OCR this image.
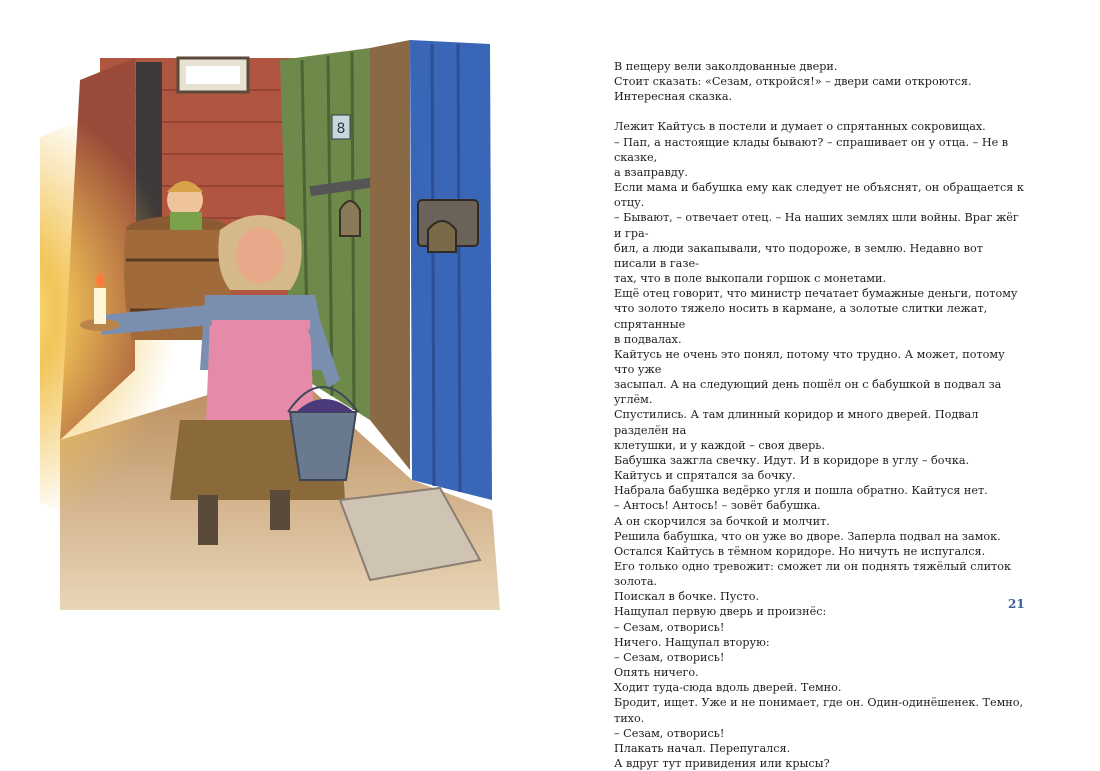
8

В пещеру вели заколдованные двери.

Стоит сказать: «Сезам, откройся!» – двери сами откроются.

Интересная сказка.

Лежит Кайтусь в постели и думает о спрятанных сокровищах.

– Пап, а настоящие клады бывают? – спрашивает он у отца. – Не в сказке,

а взаправду.

Если мама и бабушка ему как следует не объяснят, он обращается к отцу.

– Бывают, – отвечает отец. – На наших землях шли войны. Враг жёг и гра-

бил, а люди закапывали, что подороже, в землю. Недавно вот писали в газе-

тах, что в поле выкопали горшок с монетами.

Ещё отец говорит, что министр печатает бумажные деньги, потому

что золото тяжело носить в кармане, а золотые слитки лежат, спрятанные

в подвалах.

Кайтусь не очень это понял, потому что трудно. А может, потому что уже

засыпал. А на следующий день пошёл он с бабушкой в подвал за углём.

Спустились. А там длинный коридор и много дверей. Подвал разделён на

клетушки, и у каждой – своя дверь.

Бабушка зажгла свечку. Идут. И в коридоре в углу – бочка.

Кайтусь и спрятался за бочку.

Набрала бабушка ведёрко угля и пошла обратно. Кайтуся нет.

– Антось! Антось! – зовёт бабушка.

А он скорчился за бочкой и молчит.

Решила бабушка, что он уже во дворе. Заперла подвал на замок.

Остался Кайтусь в тёмном коридоре. Но ничуть не испугался.

Его только одно тревожит: сможет ли он поднять тяжёлый слиток золота.

Поискал в бочке. Пусто.

Нащупал первую дверь и произнёс:

– Сезам, отворись!

Ничего. Нащупал вторую:

– Сезам, отворись!

Опять ничего.

Ходит туда-сюда вдоль дверей. Темно.

Бродит, ищет. Уже и не понимает, где он. Один-одинёшенек. Темно, тихо.

– Сезам, отворись!

Плакать начал. Перепугался.

А вдруг тут привидения или крысы?

21
